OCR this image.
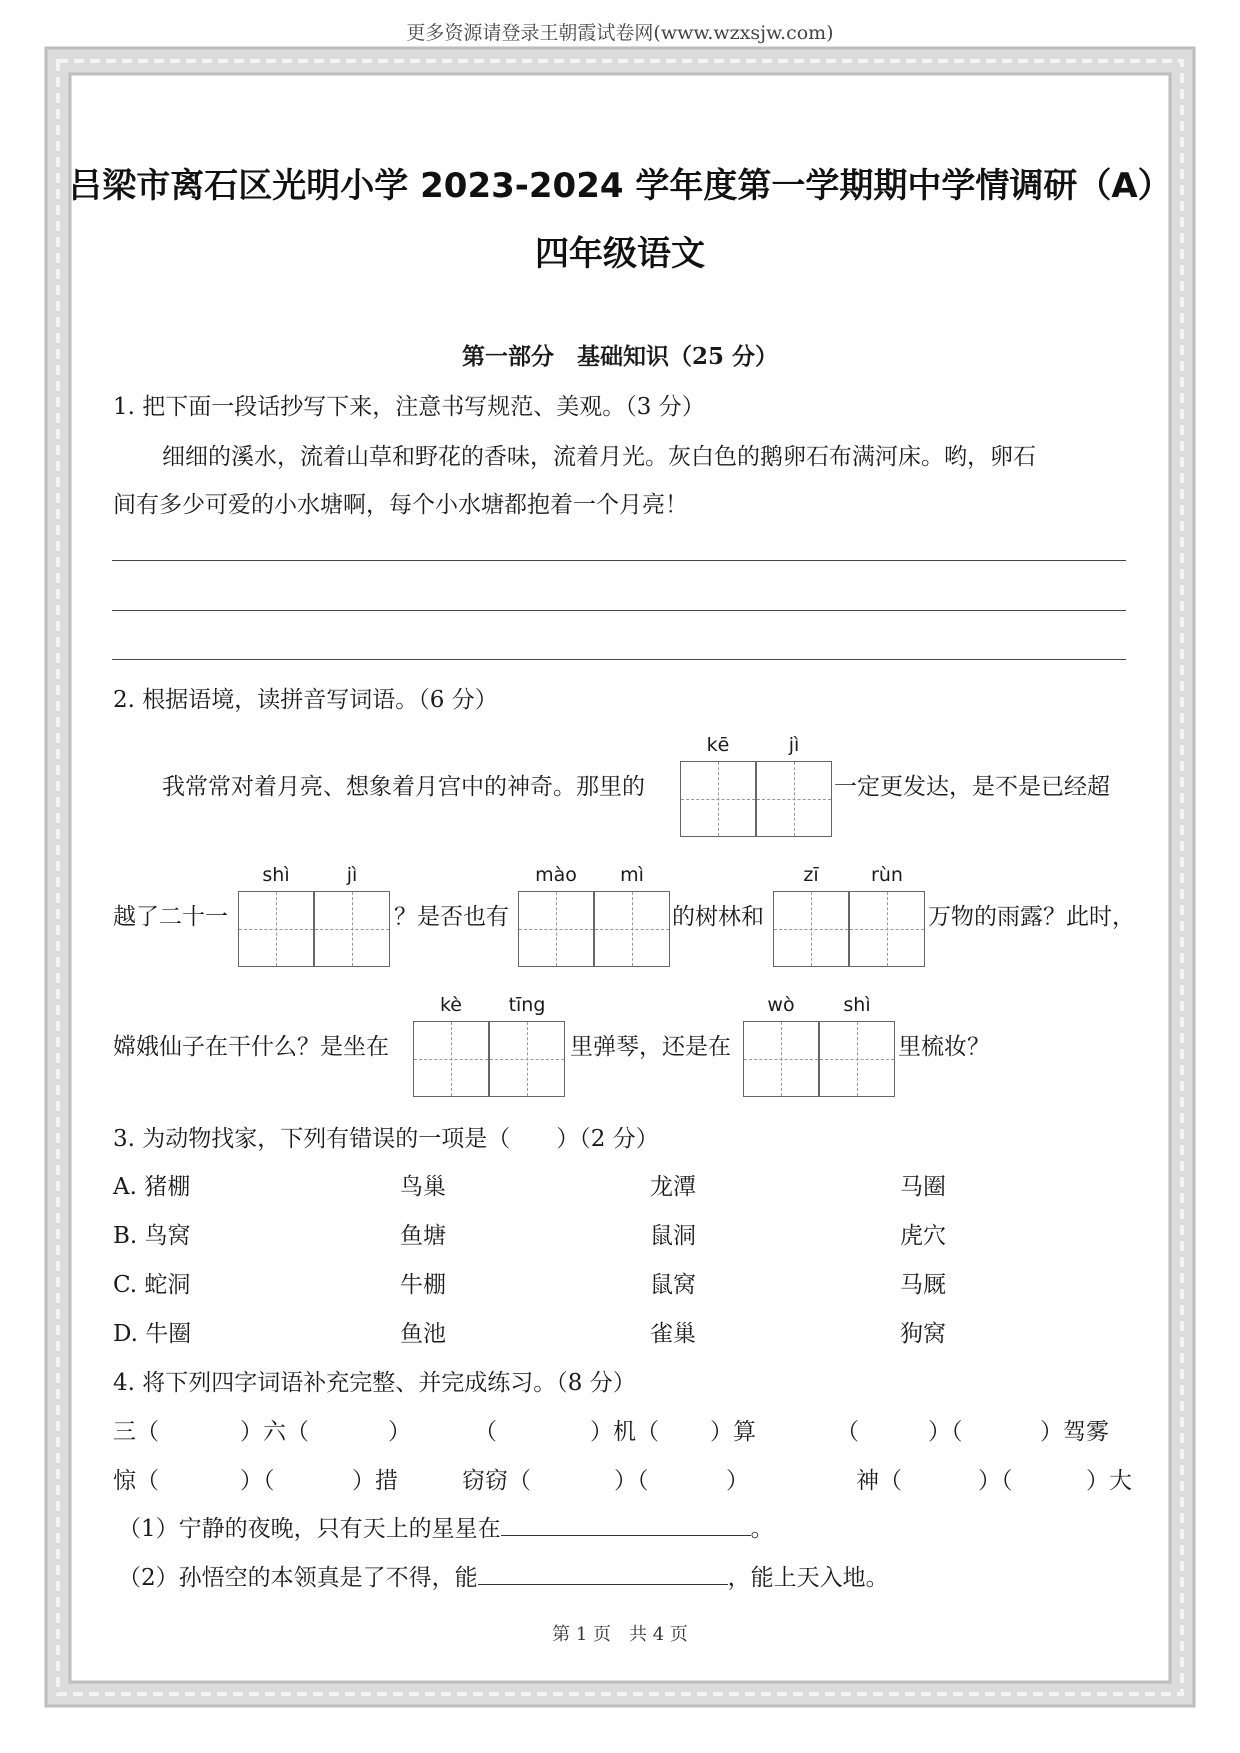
更多资源请登录王朝霞试卷网(www.wzxsjw.com)
吕梁市离石区光明小学 2023-2024 学年度第一学期期中学情调研（A）
四年级语文
第一部分　基础知识（25 分）
1. 把下面一段话抄写下来，注意书写规范、美观。（3 分）
细细的溪水，流着山草和野花的香味，流着月光。灰白色的鹅卵石布满河床。哟，卵石
间有多少可爱的小水塘啊，每个小水塘都抱着一个月亮！
2. 根据语境，读拼音写词语。（6 分）
我常常对着月亮、想象着月宫中的神奇。那里的
kē	jì
一定更发达，是不是已经超
越了二十一
shì	jì
？是否也有
mào	mì
的树林和
zī	rùn
万物的雨露？此时，
嫦娥仙子在干什么？是坐在
kè	tīng
里弹琴，还是在
wò	shì
里梳妆？
3. 为动物找家，下列有错误的一项是（　　）（2 分）
A. 猪棚	鸟巢	龙潭	马圈
B. 鸟窝	鱼塘	鼠洞	虎穴
C. 蛇洞	牛棚	鼠窝	马厩
D. 牛圈	鱼池	雀巢	狗窝
4. 将下列四字词语补充完整、并完成练习。（8 分）
三（	）六（	）	（	）机（ ）算	（	）（	）驾雾
惊（	）（	）措	窃窃（	）（	）	神（	）（	）大
（1）宁静的夜晚，只有天上的星星在	。
（2）孙悟空的本领真是了不得，能	，能上天入地。
第 1 页　共 4 页
